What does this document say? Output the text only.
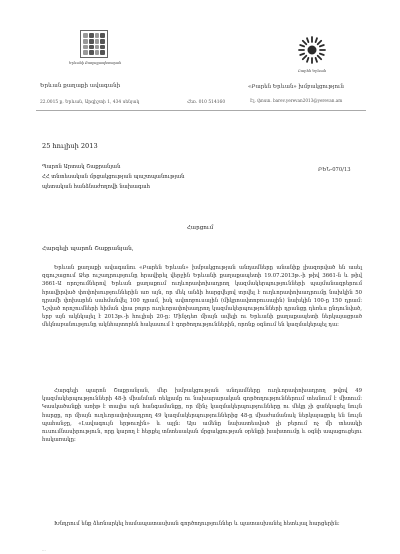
Երևանի Քաղաքապետարան
Բարեն Երևան
Երևան քաղաքի ավագանի	«Բարեն Երևան» խմբակցություն
22.0015 ք. Երևան, Արգիշտի 1, 434 սենյակ	Հեռ. 010 514160	Էլ. փոստ. barev.yerevan2013@yerevan.am
25 հուլիսի 2013
ԲԵՆ-070/13
Պարոն Արտակ Շաքրանյան
ՀՀ տնտեսական մրցակցության պաշտպանության
պետական հանձնաժողովի նախագահ
Հարցում
Հարգելի պարոն Շաքրանյան,

Երևան քաղաքի ավագանու «Բարեն Երևան» խմբակցության անդամները անանիք լիազորված են ասել զգուշացում Ձեր ուշադրությունը հրավիրել վերջին Երևանի քաղաքապետի 19.07.2013թ.-ի թիվ 3661-ն և թիվ 3661-Ա որոշումներով Երևան քաղաքում ուղևորափոխադրող կազմակերպությունների պայմանագրերում հրավիրված փոփոխություններին առ այն, որ մեկ անձի հարցվելով տրվել է ուղևորափոխադրումը նախկին 50 դրամի փոխարեն սահմանվել 100 դրամ, իսկ ավտոբուսային (միկրոավտոբուսային) նախկին 100-ը 150 դրամ։ Նշված որոշումների հիման վրա բոլոր ուղևորափոխադրող կազմակերպությունների դրանցը դեռևս ընդունված, երբ այն ակնկալել է 2013թ.-ի հուլիսի 20-ը։ Մինչդեռ միայն ավելի ու Երևանի քաղաքապետի ներկայացրած մեկնաբանությունը ակնհայտորեն հակասում է գործողություններին, որոնք օգնում են կազմակերպել դա։

Հարգելի պարոն Շաքրանյան, մեր խմբակցության անդամները ուղևորափոխադրող թվով 49 կազմակերպությունների 48-ի միանման ռեկլամը ու նախարարական գործողություններում տեսնում է միտում։ Կասկածանքի առիթ է տալիս այն հանգամանքը, որ մինչ կազմակերպությունները ու մեկը չի ցանկացել նույն հարցը, որ միայն ուղևորափոխադրող 49 կազմակերպություններից 48-ը միաժամանակ ներկայացրել են նույն պահանջը, «Լավագույն երթուղին» և այլն։ Այս ամենը նախատեսված չի բերում ոչ մի տեսակի ուսումնասիրություն, որը կարող է հերքել տնտեսական մրցակցության օրենքի խախտումը և օգնի ապացուցելու հակառակը։

Խնդրում ենք ձեռնարկել համապատասխան գործողություններ և պատասխանել հետևյալ հարցերին։

...
